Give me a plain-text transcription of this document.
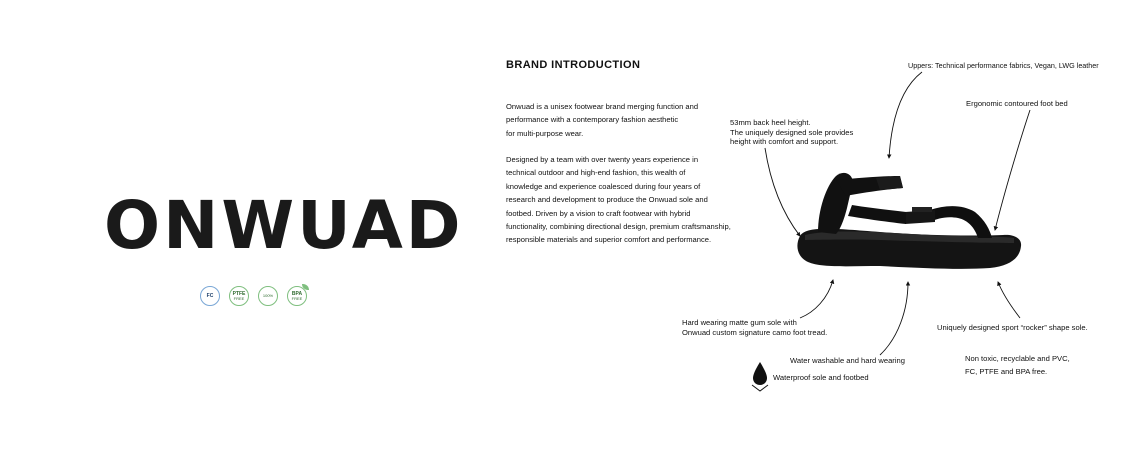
ONWUAD
FC	PTFE
FREE	100%	BPA
FREE
BRAND INTRODUCTION

Onwuad is a unisex footwear brand merging function and

performance with a contemporary fashion aesthetic

for multi-purpose wear.

Designed by a team with over twenty years experience in

technical outdoor and high-end fashion, this wealth of

knowledge and experience coalesced during four years of

research and development to produce the Onwuad sole and

footbed. Driven by a vision to craft footwear with hybrid

functionality, combining directional design, premium craftsmanship,

responsible materials and superior comfort and performance.

Uppers: Technical performance fabrics, Vegan, LWG leather
Ergonomic contoured foot bed
53mm back heel height.
The uniquely designed sole provides
height with comfort and support.
Hard wearing matte gum sole with
Onwuad custom signature camo foot tread.
Uniquely designed sport “rocker” shape sole.
Water washable and hard wearing
Waterproof sole and footbed
Non toxic, recyclable and PVC,
FC, PTFE and BPA free.
